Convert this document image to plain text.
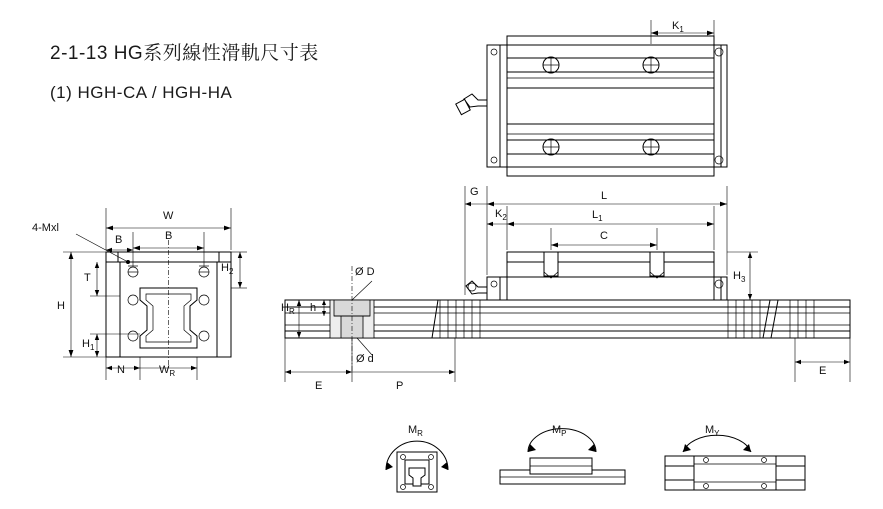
2-1-13 HG系列線性滑軌尺寸表
(1) HGH-CA / HGH-HA
$K_1$
W
B	B
4-Mxl
T
H
$H_1$
$H_2$
N	$W_R$
G	L
$K_2$	$L_1$
C
$H_3$
Ø D
$H_R$ h
Ø d
E	P
E
$M_R$	$M_P$	$M_Y$
